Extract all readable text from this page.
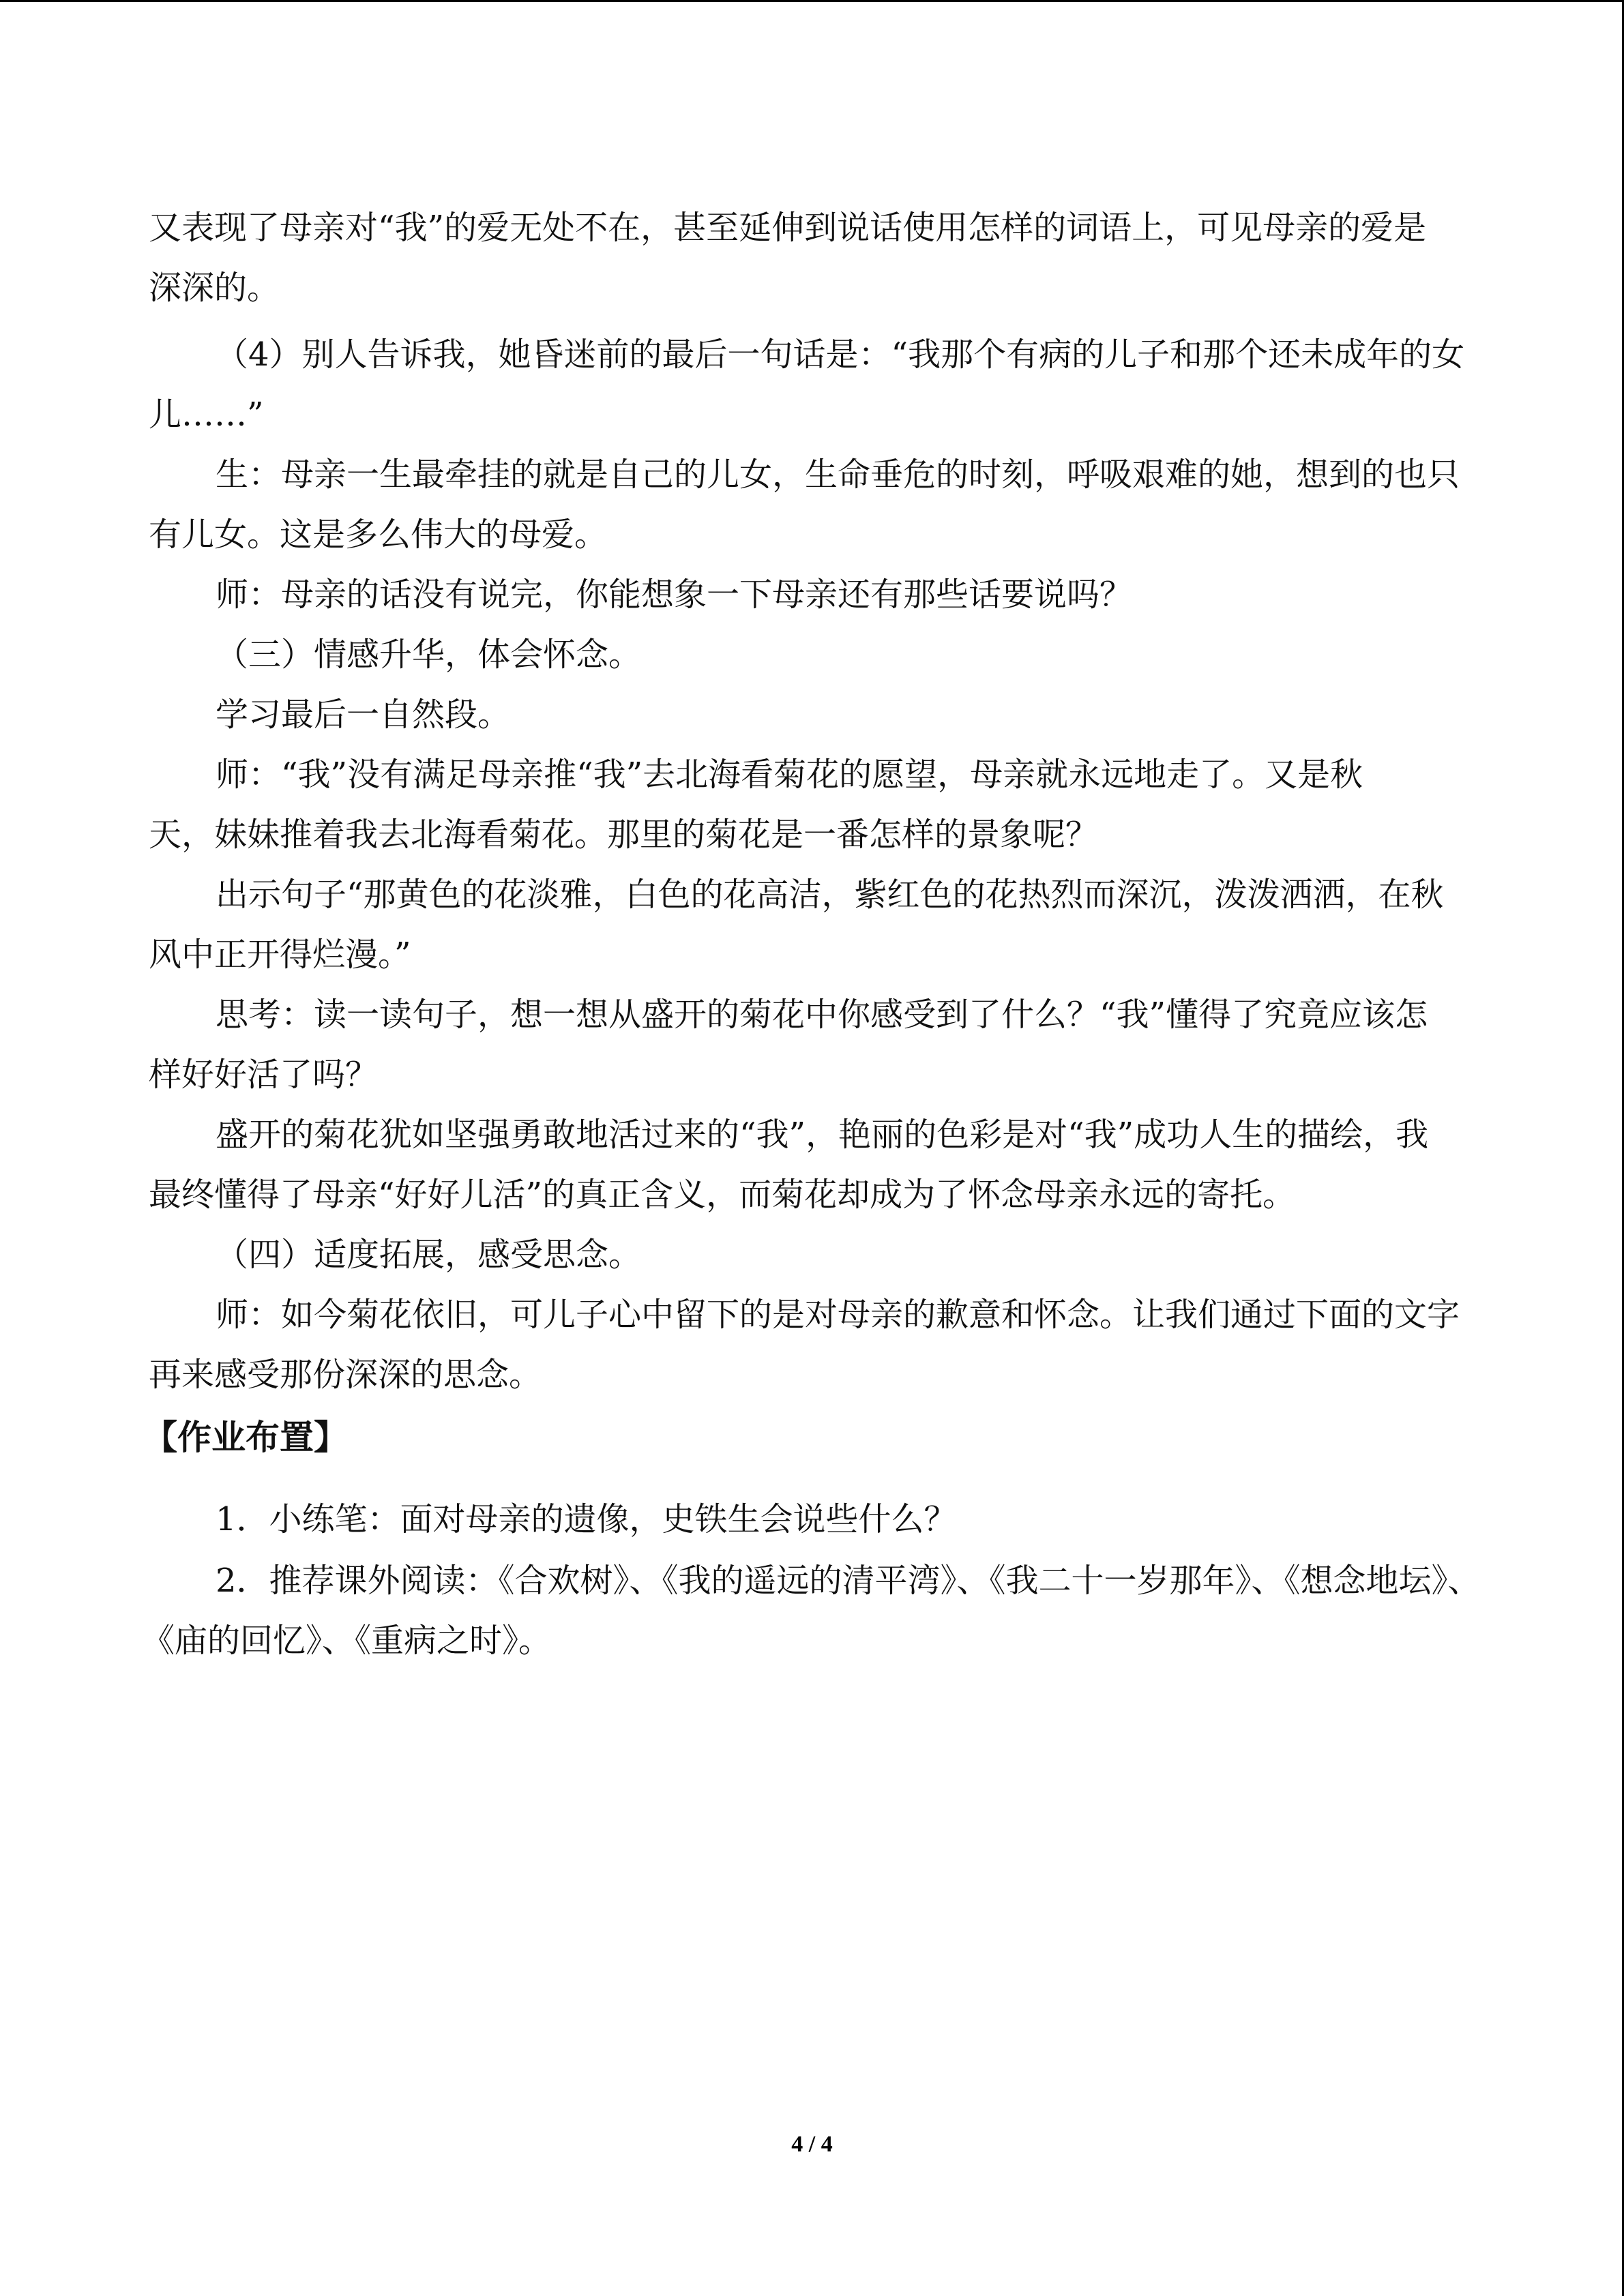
又表现了母亲对“我”的爱无处不在，甚至延伸到说话使用怎样的词语上，可见母亲的爱是
深深的。
（4）别人告诉我，她昏迷前的最后一句话是：“我那个有病的儿子和那个还未成年的女
儿……”
生：母亲一生最牵挂的就是自己的儿女，生命垂危的时刻，呼吸艰难的她，想到的也只
有儿女。这是多么伟大的母爱。
师：母亲的话没有说完，你能想象一下母亲还有那些话要说吗？
（三）情感升华，体会怀念。
学习最后一自然段。
师：“我”没有满足母亲推“我”去北海看菊花的愿望，母亲就永远地走了。又是秋
天，妹妹推着我去北海看菊花。那里的菊花是一番怎样的景象呢？
出示句子“那黄色的花淡雅，白色的花高洁，紫红色的花热烈而深沉，泼泼洒洒，在秋
风中正开得烂漫。”
思考：读一读句子，想一想从盛开的菊花中你感受到了什么？“我”懂得了究竟应该怎
样好好活了吗？
盛开的菊花犹如坚强勇敢地活过来的“我”，艳丽的色彩是对“我”成功人生的描绘，我
最终懂得了母亲“好好儿活”的真正含义，而菊花却成为了怀念母亲永远的寄托。
（四）适度拓展，感受思念。
师：如今菊花依旧，可儿子心中留下的是对母亲的歉意和怀念。让我们通过下面的文字
再来感受那份深深的思念。
【作业布置】
1．小练笔：面对母亲的遗像，史铁生会说些什么？
2．推荐课外阅读：《合欢树》、《我的遥远的清平湾》、《我二十一岁那年》、《想念地坛》、
《庙的回忆》、《重病之时》。
4 / 4
